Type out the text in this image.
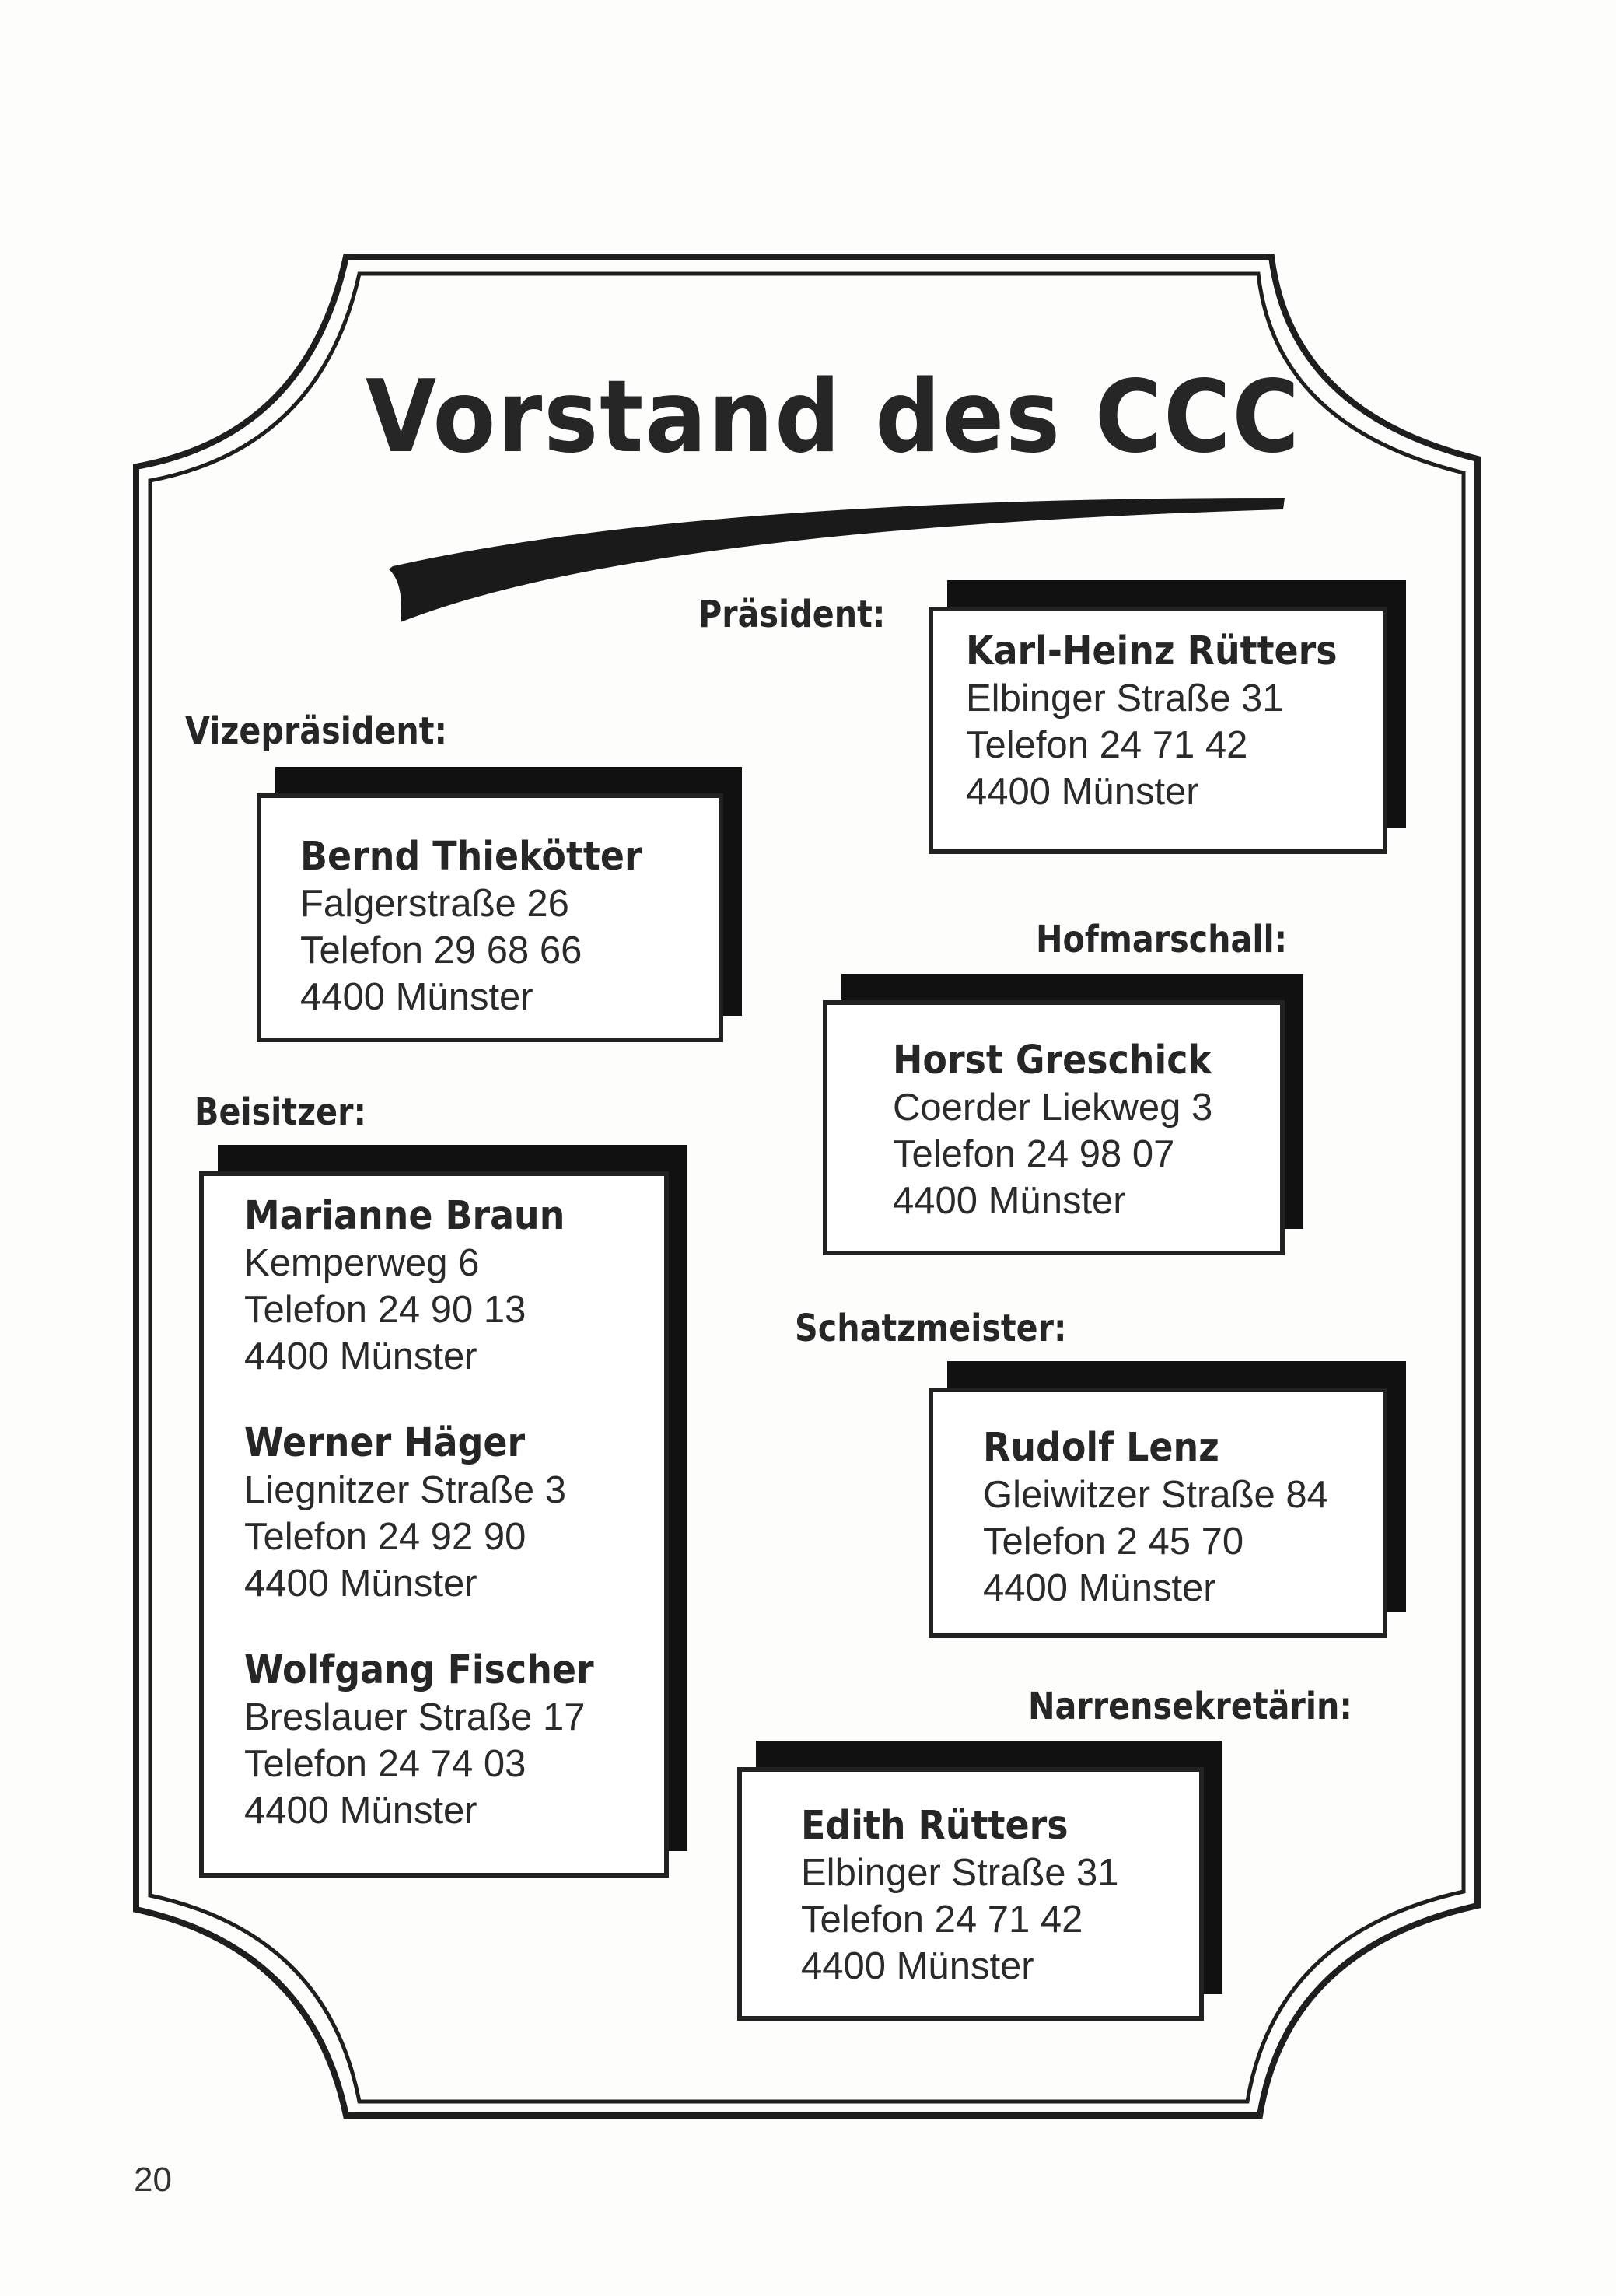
Vorstand des CCC
Präsident:
Karl-Heinz Rütters
Elbinger Straße 31
Telefon 24 71 42
4400 Münster
Vizepräsident:
Bernd Thiekötter
Falgerstraße 26
Telefon 29 68 66
4400 Münster
Hofmarschall:
Horst Greschick
Coerder Liekweg 3
Telefon 24 98 07
4400 Münster
Beisitzer:
Marianne Braun
Kemperweg 6
Telefon 24 90 13
4400 Münster
Werner Häger
Liegnitzer Straße 3
Telefon 24 92 90
4400 Münster
Wolfgang Fischer
Breslauer Straße 17
Telefon 24 74 03
4400 Münster
Schatzmeister:
Rudolf Lenz
Gleiwitzer Straße 84
Telefon 2 45 70
4400 Münster
Narrensekretärin:
Edith Rütters
Elbinger Straße 31
Telefon 24 71 42
4400 Münster
20
